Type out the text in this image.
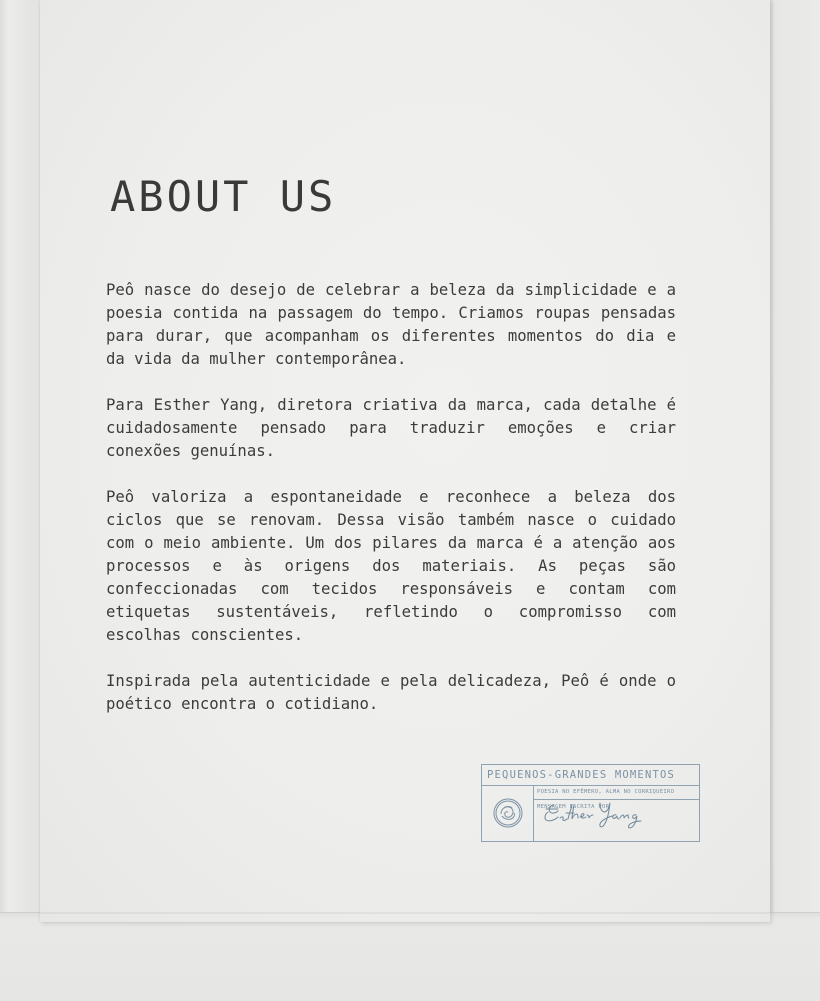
ABOUT US

Peô nasce do desejo de celebrar a beleza da simplicidade e a poesia contida na passagem do tempo. Criamos roupas pensadas para durar, que acompanham os diferentes momentos do dia e da vida da mulher contemporânea.

Para Esther Yang, diretora criativa da marca, cada detalhe é cuidadosamente pensado para traduzir emoções e criar conexões genuínas.

Peô valoriza a espontaneidade e reconhece a beleza dos ciclos que se renovam. Dessa visão também nasce o cuidado com o meio ambiente. Um dos pilares da marca é a atenção aos processos e às origens dos materiais. As peças são confeccionadas com tecidos responsáveis e contam com etiquetas sustentáveis, refletindo o compromisso com escolhas conscientes.

Inspirada pela autenticidade e pela delicadeza, Peô é onde o poético encontra o cotidiano.

PEQUENOS-GRANDES MOMENTOS
POESIA NO EFÊMERO, ALMA NO CORRIQUEIRO
MENSAGEM ESCRITA POR
Esther Yang
